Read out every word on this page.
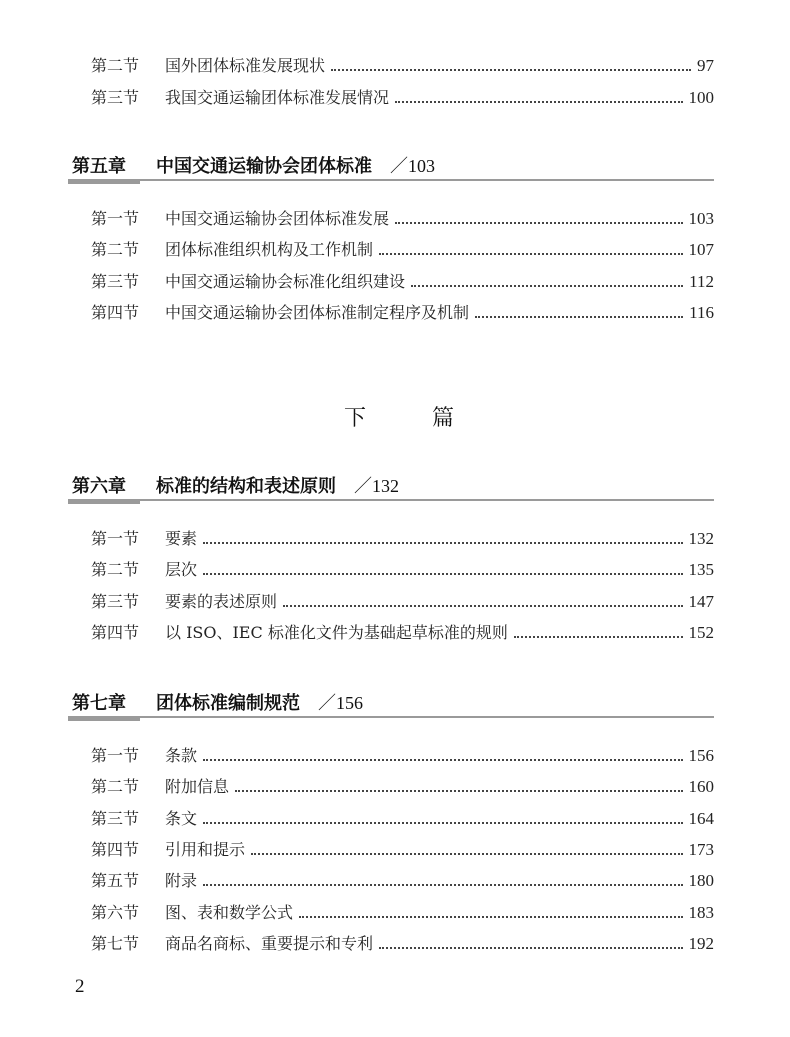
第二节	国外团体标准发展现状	97
第三节	我国交通运输团体标准发展情况	100
第五章 中国交通运输协会团体标准 ／103
第一节	中国交通运输协会团体标准发展	103
第二节	团体标准组织机构及工作机制	107
第三节	中国交通运输协会标准化组织建设	112
第四节	中国交通运输协会团体标准制定程序及机制	116
下	篇
第六章 标准的结构和表述原则 ／132
第一节	要素	132
第二节	层次	135
第三节	要素的表述原则	147
第四节	以 ISO、IEC 标准化文件为基础起草标准的规则	152
第七章 团体标准编制规范 ／156
第一节	条款	156
第二节	附加信息	160
第三节	条文	164
第四节	引用和提示	173
第五节	附录	180
第六节	图、表和数学公式	183
第七节	商品名商标、重要提示和专利	192
2
